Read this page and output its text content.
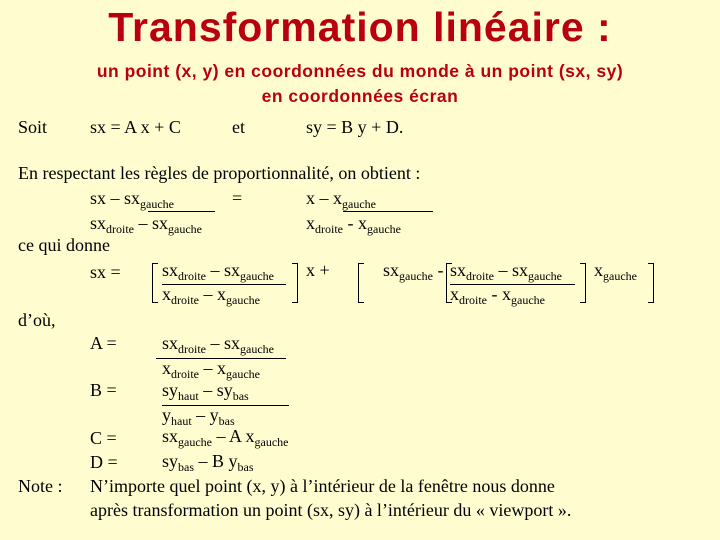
Transformation linéaire :
un point (x, y) en coordonnées du monde à un point (sx, sy)
en coordonnées écran
Soit sx = A x + C	et	sy = B y + D.
En respectant les règles de proportionnalité, on obtient :
sx – $sx_{gauche}$
$sx_{droite} - sx_{gauche}$
=	x – $x_{gauche}$
$x_{droite} - x_{gauche}$
ce qui donne
sx = $sx_{droite} - sx_{gauche}$
$x_{droite} - x_{gauche}$
x +	$sx_{gauche} - sx_{droite} - sx_{gauche}$
$x_{droite} - x_{gauche}$
$x_{gauche}$
d’où,
A =	$sx_{droite} - sx_{gauche}$
$x_{droite} - x_{gauche}$
B =	$sy_{haut} - sy_{bas}$
$y_{haut} - y_{bas}$
C =	$sx_{gauche}$ – A $x_{gauche}$
$D = sy_{bas} - B$ $y_{bas}$
Note : N’importe quel point (x, y) à l’intérieur de la fenêtre nous donne
après transformation un point (sx, sy) à l’intérieur du « viewport ».
